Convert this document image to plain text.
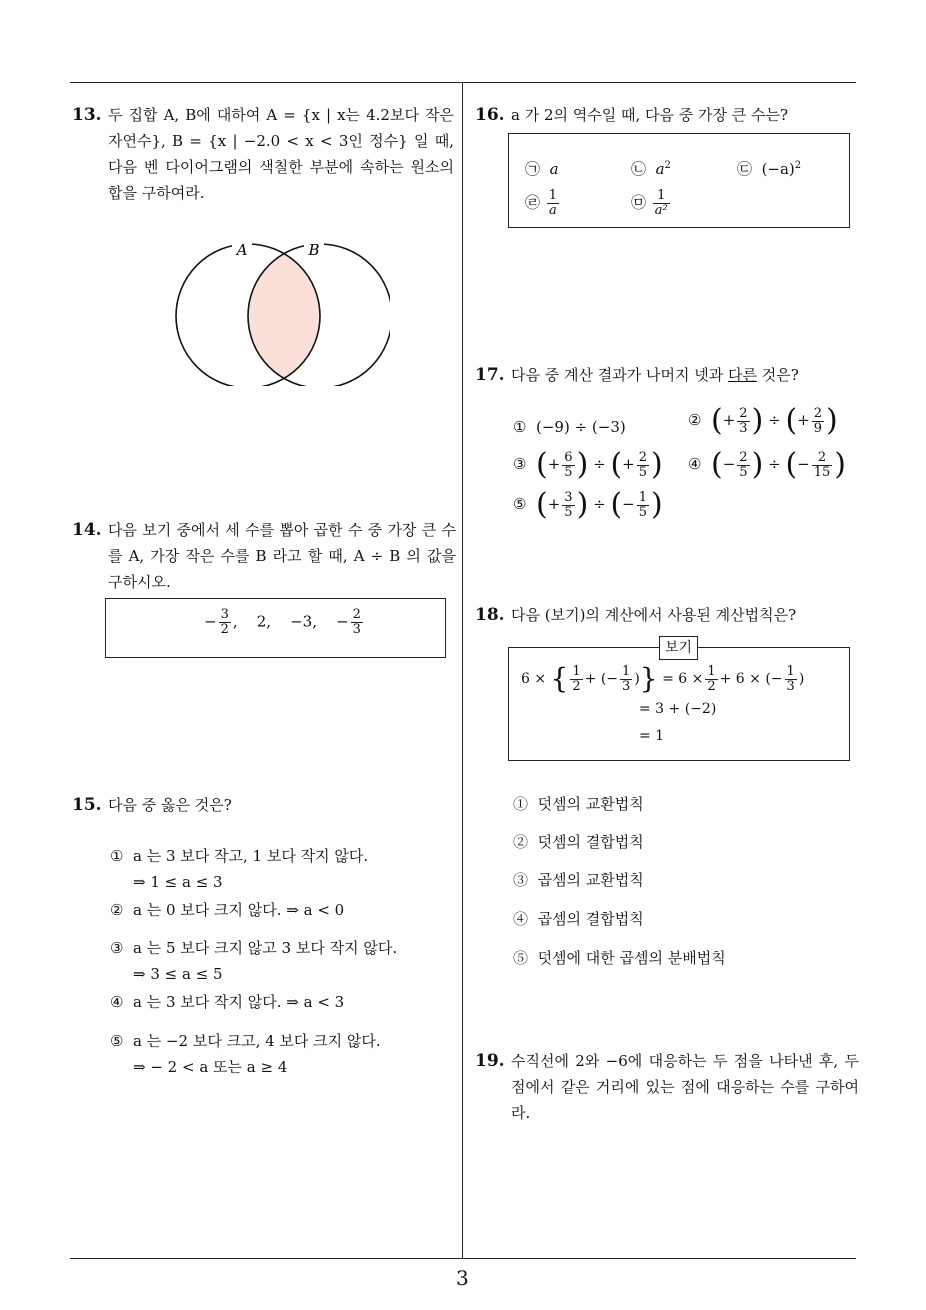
13. 두 집합 A, B에 대하여 A = {x | x는 4.2보다 작은 자연수}, B = {x | −2.0 < x < 3인 정수} 일 때, 다음 벤 다이어그램의 색칠한 부분에 속하는 원소의 합을 구하여라.
A	B
14. 다음 보기 중에서 세 수를 뽑아 곱한 수 중 가장 큰 수를 A, 가장 작은 수를 B 라고 할 때, A ÷ B 의 값을 구하시오.
− $\frac{3}{2}$ , 2, −3, − $\frac{2}{3}$
15. 다음 중 옳은 것은?
① a 는 3 보다 작고, 1 보다 작지 않다.
⇒ 1 ≤ a ≤ 3
② a 는 0 보다 크지 않다. ⇒ a < 0
③ a 는 5 보다 크지 않고 3 보다 작지 않다.
⇒ 3 ≤ a ≤ 5
④ a 는 3 보다 작지 않다. ⇒ a < 3
⑤ a 는 −2 보다 크고, 4 보다 크지 않다.
⇒ − 2 < a 또는 a ≥ 4
16. a 가 2의 역수일 때, 다음 중 가장 큰 수는?
㉠ a	㉡ $a^2$	㉢ $(-a)^2$
㉣ $\frac{1}{a}$	㉤ $\frac{1}{\text{a²}}$
17. 다음 중 계산 결과가 나머지 넷과 다른 것은?
① (−9) ÷ (−3)	② (+ $\frac{2}{3}$ ) ÷ (+ $\frac{2}{9}$ )
③ (+ $\frac{6}{5}$ ) ÷ (+ $\frac{2}{5}$ ) ④ (− $\frac{2}{5}$ ) ÷ (− $\frac{2}{15}$ )
⑤ (+ $\frac{3}{5}$ ) ÷ (− $\frac{1}{5}$ )
18. 다음 (보기)의 계산에서 사용된 계산법칙은?
보기
6 × { $\frac{1}{2}$ + (− $\frac{1}{3}$ )} = $6 \times \frac{1}{2} + 6$ × (− $\frac{1}{3}$ )
= 3 + (−2)
= 1
① 덧셈의 교환법칙
② 덧셈의 결합법칙
③ 곱셈의 교환법칙
④ 곱셈의 결합법칙
⑤ 덧셈에 대한 곱셈의 분배법칙
19. 수직선에 2와 −6에 대응하는 두 점을 나타낸 후, 두 점에서 같은 거리에 있는 점에 대응하는 수를 구하여라.
3
